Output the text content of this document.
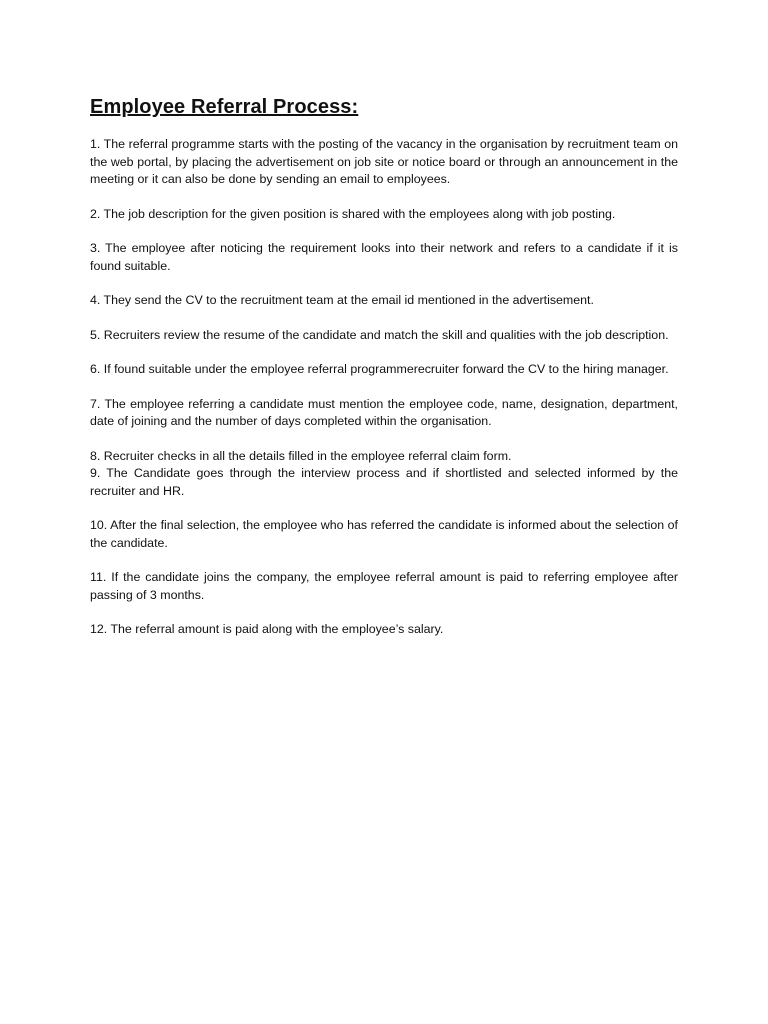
Employee Referral Process:

1. The referral programme starts with the posting of the vacancy in the organisation by recruitment team on the web portal, by placing the advertisement on job site or notice board or through an announcement in the meeting or it can also be done by sending an email to employees.

2. The job description for the given position is shared with the employees along with job posting.

3. The employee after noticing the requirement looks into their network and refers to a candidate if it is found suitable.

4. They send the CV to the recruitment team at the email id mentioned in the advertisement.

5. Recruiters review the resume of the candidate and match the skill and qualities with the job description.

6. If found suitable under the employee referral programmerecruiter forward the CV to the hiring manager.

7. The employee referring a candidate must mention the employee code, name, designation, department, date of joining and the number of days completed within the organisation.

8. Recruiter checks in all the details filled in the employee referral claim form.

9. The Candidate goes through the interview process and if shortlisted and selected informed by the recruiter and HR.

10. After the final selection, the employee who has referred the candidate is informed about the selection of the candidate.

11. If the candidate joins the company, the employee referral amount is paid to referring employee after passing of 3 months.

12. The referral amount is paid along with the employee’s salary.
